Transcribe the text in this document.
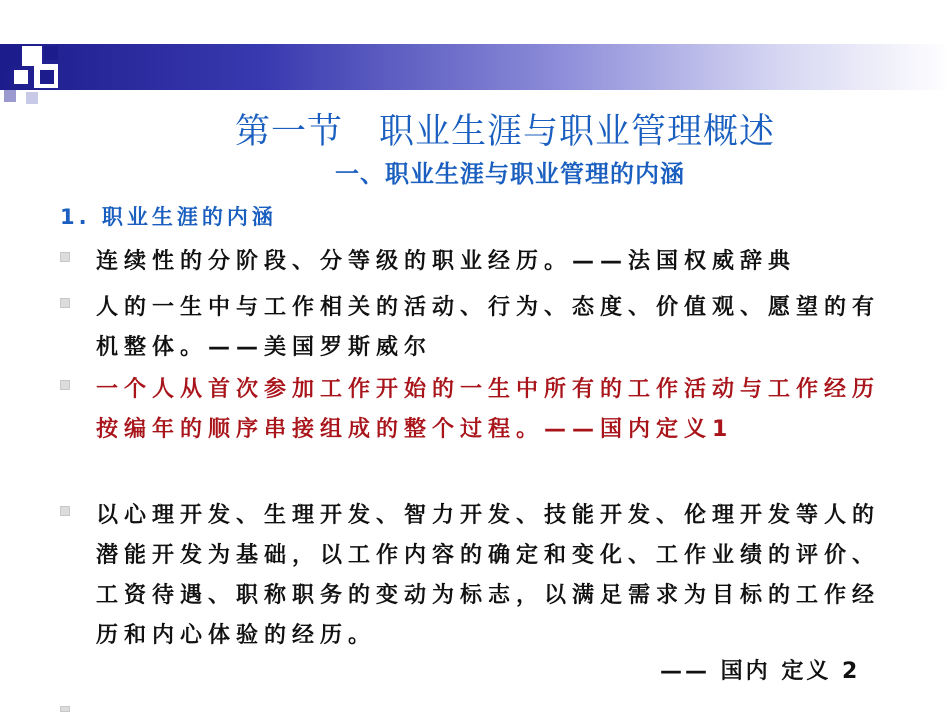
第一节　职业生涯与职业管理概述
一、职业生涯与职业管理的内涵
1. 职业生涯的内涵

连续性的分阶段、分等级的职业经历。——法国权威辞典

人的一生中与工作相关的活动、行为、态度、价值观、愿望的有机整体。——美国罗斯威尔

一个人从首次参加工作开始的一生中所有的工作活动与工作经历按编年的顺序串接组成的整个过程。——国内定义1

以心理开发、生理开发、智力开发、技能开发、伦理开发等人的潜能开发为基础，以工作内容的确定和变化、工作业绩的评价、工资待遇、职称职务的变动为标志，以满足需求为目标的工作经历和内心体验的经历。

—— 国内 定义 2
